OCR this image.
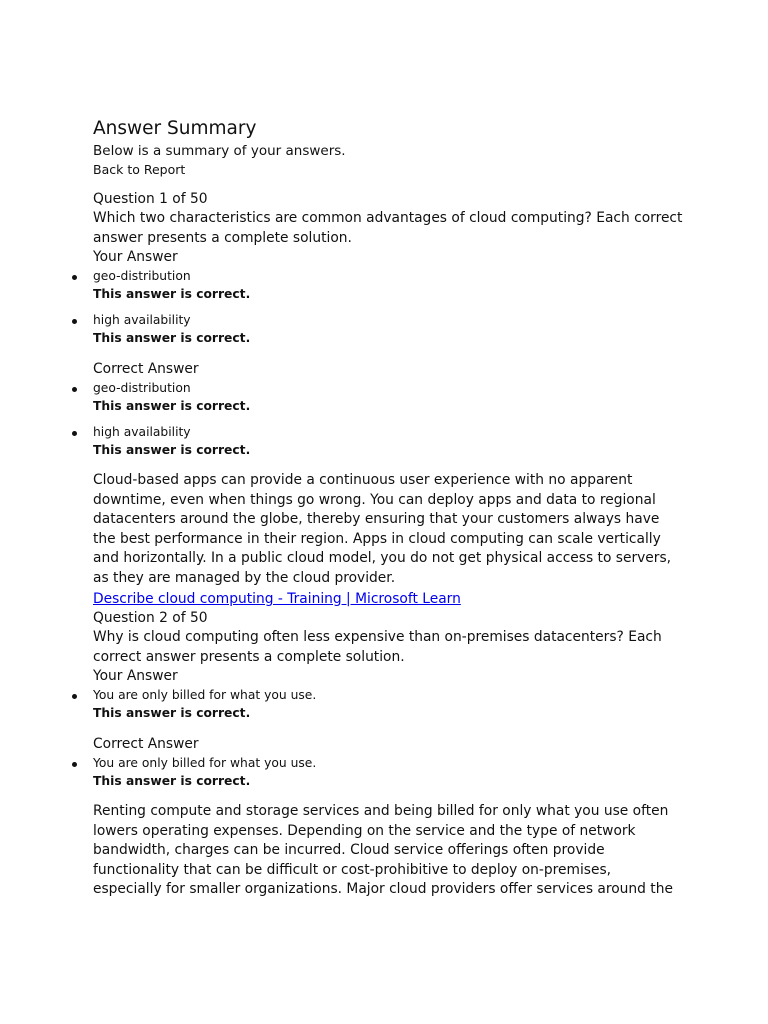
Answer Summary

Below is a summary of your answers.

Back to Report

Question 1 of 50

Which two characteristics are common advantages of cloud computing? Each correct answer presents a complete solution.

Your Answer

geo-distribution
This answer is correct.
high availability
This answer is correct.

Correct Answer

geo-distribution
This answer is correct.
high availability
This answer is correct.

Cloud-based apps can provide a continuous user experience with no apparent downtime, even when things go wrong. You can deploy apps and data to regional datacenters around the globe, thereby ensuring that your customers always have the best performance in their region. Apps in cloud computing can scale vertically and horizontally. In a public cloud model, you do not get physical access to servers, as they are managed by the cloud provider.

Describe cloud computing - Training | Microsoft Learn

Question 2 of 50

Why is cloud computing often less expensive than on-premises datacenters? Each correct answer presents a complete solution.

Your Answer

You are only billed for what you use.
This answer is correct.

Correct Answer

You are only billed for what you use.
This answer is correct.

Renting compute and storage services and being billed for only what you use often lowers operating expenses. Depending on the service and the type of network bandwidth, charges can be incurred. Cloud service offerings often provide functionality that can be difficult or cost-prohibitive to deploy on-premises, especially for smaller organizations. Major cloud providers offer services around the
